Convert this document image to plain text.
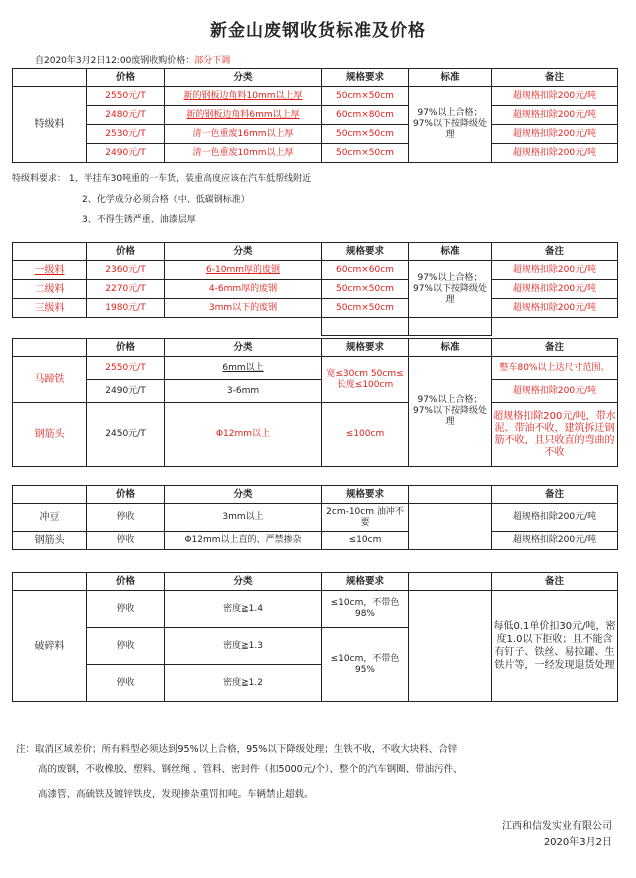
新金山废钢收货标准及价格
自2020年3月2日12:00废钢收购价格：部分下调
	价格	分类	规格要求	标准	备注
特级料	2550元/T	新的钢板边角料10mm以上厚	50cm×50cm	97%以上合格；97%以下按降级处理	超规格扣除200元/吨
	2480元/T	新的钢板边角料6mm以上厚	60cm×80cm		超规格扣除200元/吨
	2530元/T	清一色重废16mm以上厚	50cm×50cm		超规格扣除200元/吨
	2490元/T	清一色重废10mm以上厚	50cm×50cm		超规格扣除200元/吨
特级料要求： 1、半挂车30吨重的一车货，装重高度应该在汽车低帮线附近
2、化学成分必须合格（中、低碳钢标准）
3、不得生锈严重、油漆层厚
	价格	分类	规格要求	标准	备注
一级料	2360元/T	6-10mm厚的废钢	60cm×60cm	97%以上合格；97%以下按降级处理	超规格扣除200元/吨
二级料	2270元/T	4-6mm厚的废钢	50cm×50cm		超规格扣除200元/吨
三级料	1980元/T	3mm以下的废钢	50cm×50cm		超规格扣除200元/吨

	价格	分类	规格要求	标准	备注
马蹄铁	2550元/T	6mm以上	宽≤30cm 50cm≤长度≤100cm	97%以上合格；97%以下按降级处理	整车80%以上达尺寸范围。
	2490元/T	3-6mm			超规格扣除200元/吨
钢筋头	2450元/T	Φ12mm以上	≤100cm		超规格扣除200元/吨，带水泥、带油不收，建筑拆迁钢筋不收，且只收直的弯曲的不收
	价格	分类	规格要求		备注
冲豆	停收	3mm以上	2cm-10cm 油冲不要		超规格扣除200元/吨
钢筋头	停收	Φ12mm以上直的、严禁掺杂	≤10cm		超规格扣除200元/吨
	价格	分类	规格要求		备注
破碎料	停收	密度≧1.4	≤10cm，不带色98%		每低0.1单价扣30元/吨，密度1.0以下拒收；且不能含有钉子、铁丝、易拉罐、生铁片等，一经发现退货处理
	停收	密度≧1.3	≤10cm，不带色95%		
	停收	密度≧1.2			
注：取消区域差价；所有料型必须达到95%以上合格，95%以下降级处理；生铁不收，不收大块料、合锌
高的废钢，不收橡胶、塑料、钢丝绳 、管料、密封件（扣5000元/个）、整个的汽车钢圈、带油污件、
高漆管、高硫铁及镀锌铁皮，发现掺杂重罚扣吨。车辆禁止超载。
江西和信发实业有限公司
2020年3月2日
